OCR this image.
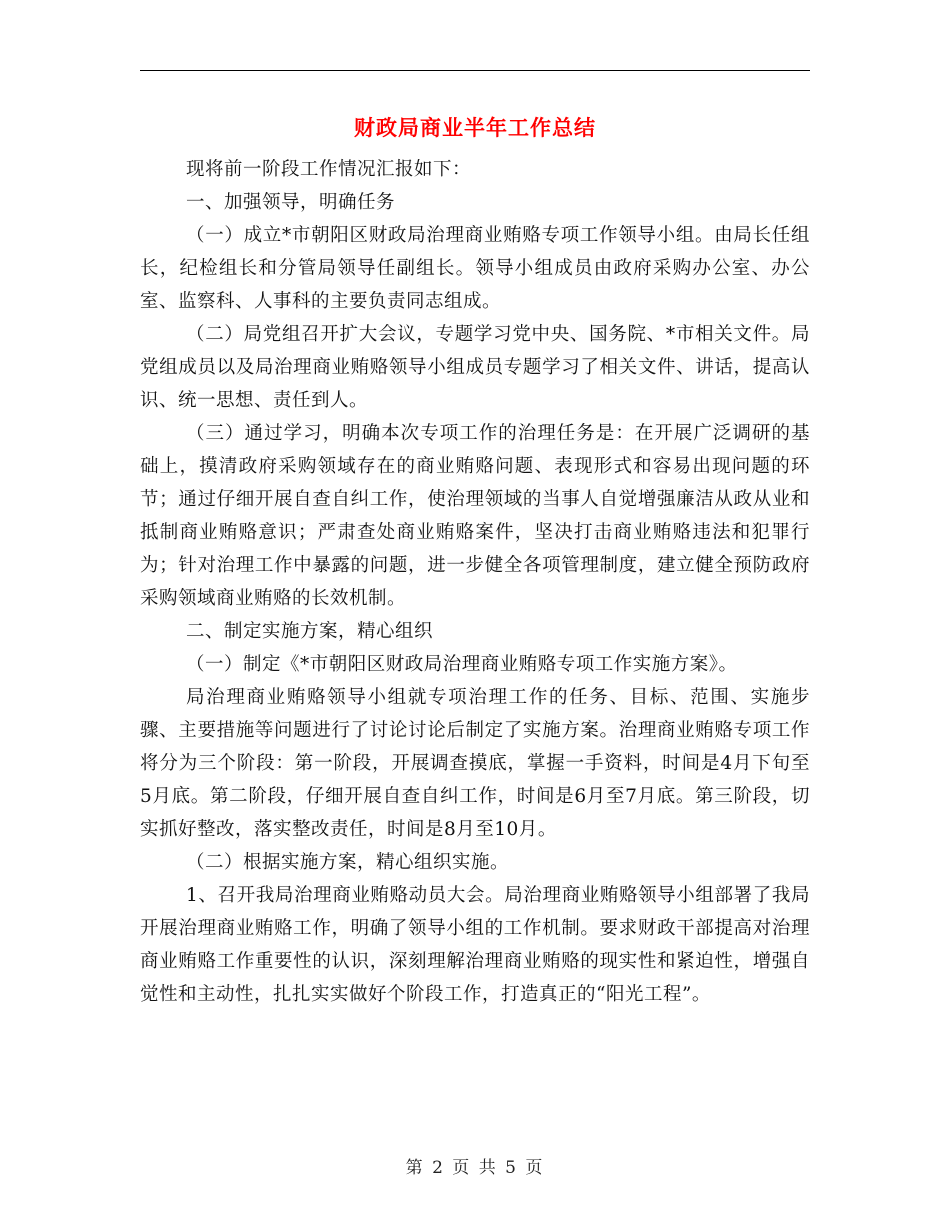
财政局商业半年工作总结

现将前一阶段工作情况汇报如下：

一、加强领导，明确任务

（一）成立*市朝阳区财政局治理商业贿赂专项工作领导小组。由局长任组长，纪检组长和分管局领导任副组长。领导小组成员由政府采购办公室、办公室、监察科、人事科的主要负责同志组成。

（二）局党组召开扩大会议，专题学习党中央、国务院、*市相关文件。局党组成员以及局治理商业贿赂领导小组成员专题学习了相关文件、讲话，提高认识、统一思想、责任到人。

（三）通过学习，明确本次专项工作的治理任务是：在开展广泛调研的基础上，摸清政府采购领域存在的商业贿赂问题、表现形式和容易出现问题的环节；通过仔细开展自查自纠工作，使治理领域的当事人自觉增强廉洁从政从业和抵制商业贿赂意识；严肃查处商业贿赂案件，坚决打击商业贿赂违法和犯罪行为；针对治理工作中暴露的问题，进一步健全各项管理制度，建立健全预防政府采购领域商业贿赂的长效机制。

二、制定实施方案，精心组织

（一）制定《*市朝阳区财政局治理商业贿赂专项工作实施方案》。

局治理商业贿赂领导小组就专项治理工作的任务、目标、范围、实施步骤、主要措施等问题进行了讨论讨论后制定了实施方案。治理商业贿赂专项工作将分为三个阶段：第一阶段，开展调查摸底，掌握一手资料，时间是4月下旬至5月底。第二阶段，仔细开展自查自纠工作，时间是6月至7月底。第三阶段，切实抓好整改，落实整改责任，时间是8月至10月。

（二）根据实施方案，精心组织实施。

1、召开我局治理商业贿赂动员大会。局治理商业贿赂领导小组部署了我局开展治理商业贿赂工作，明确了领导小组的工作机制。要求财政干部提高对治理商业贿赂工作重要性的认识，深刻理解治理商业贿赂的现实性和紧迫性，增强自觉性和主动性，扎扎实实做好个阶段工作，打造真正的“阳光工程”。

第 2 页 共 5 页
